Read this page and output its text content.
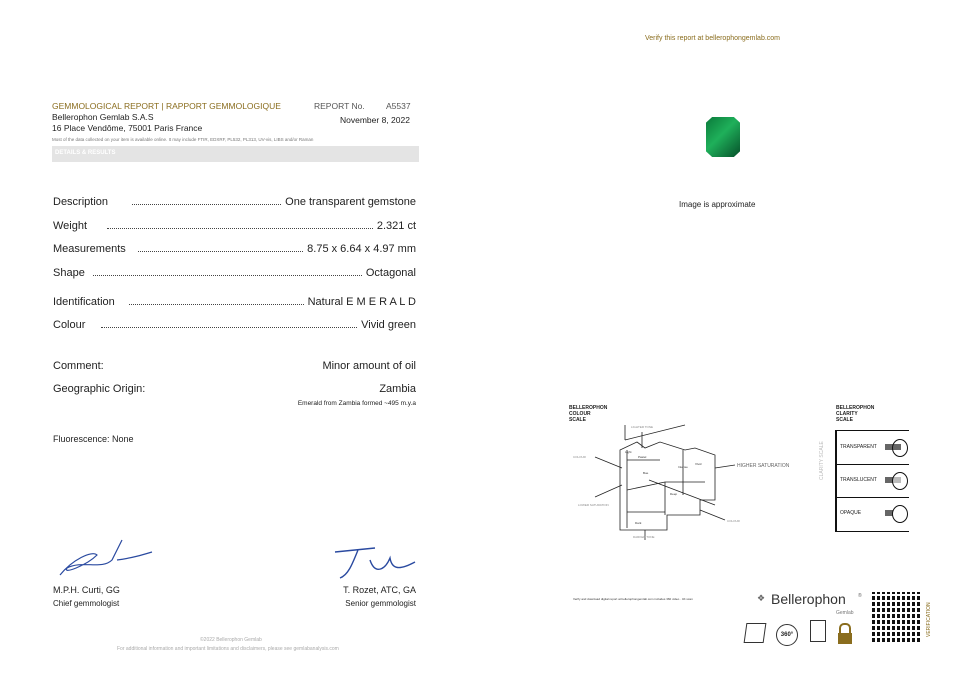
Verify this report at bellerophongemlab.com
GEMMOLOGICAL REPORT | RAPPORT GEMMOLOGIQUE	REPORT No.	A5537
Bellerophon Gemlab S.A.S	November 8, 2022
16 Place Vendôme, 75001 Paris France
Most of the data collected on your item is available online. It may include FTIR, EDXRF, PL532, PL313, UV-vis, LIBS and/or Raman
DETAILS & RESULTS
Description	One transparent gemstone
Weight	2.321 ct
Measurements	8.75 x 6.64 x 4.97 mm
Shape	Octagonal
Identification	Natural E M E R A L D
Colour	Vivid green
Comment:	Minor amount of oil
Geographic Origin:	Zambia
Emerald from Zambia formed ~495 m.y.a
Fluorescence: None
M.P.H. Curti, GG
Chief gemmologist
T. Rozet, ATC, GA
Senior gemmologist
©2022 Bellerophon Gemlab
For additional information and important limitations and disclaimers, please see gemlabanalysis.com
Image is approximate
BELLEROPHON
COLOUR
SCALE
LIGHTER TONE
COLOUR
LOWER SATURATION
HIGHER SATURATION
COLOUR
DARKER TONE
Light
Pastel
Bue
Intense
Vivid
Deep
Dark
BELLEROPHON
CLARITY
SCALE
CLARITY SCALE	TRANSPARENT
TRANSLUCENT
OPAQUE
Verify and download digital report at bellerophongemlab.com includes 360 video · 4K scan	❖ Bellerophon ®
Gemlab
360°	VERIFICATION
